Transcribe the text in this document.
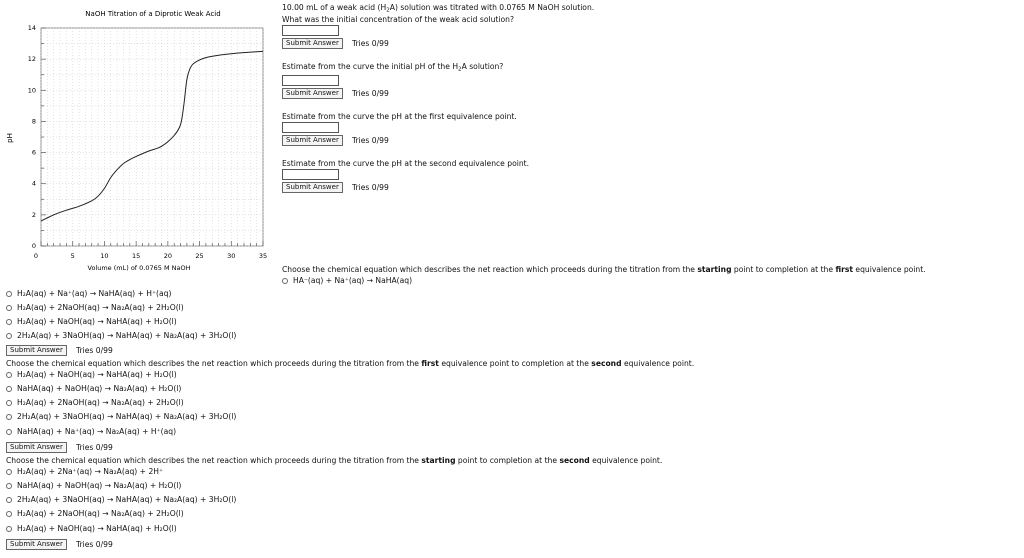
0	5	10	15	20	25	30	35
0
2
4
6
8
10
12
14
NaOH Titration of a Diprotic Weak Acid
Volume (mL) of 0.0765 M NaOH
pH
10.00 mL of a weak acid $(H_2A)$ solution was titrated with 0.0765 M NaOH solution.
What was the initial concentration of the weak acid solution?
Submit Answer	Tries 0/99
Estimate from the curve the initial pH of the $H_2A$ solution?
Submit Answer	Tries 0/99
Estimate from the curve the pH at the first equivalence point.
Submit Answer	Tries 0/99
Estimate from the curve the pH at the second equivalence point.
Submit Answer	Tries 0/99
Choose the chemical equation which describes the net reaction which proceeds during the titration from the starting point to completion at the first equivalence point.
HA⁻(aq) + Na⁺(aq) → NaHA(aq)
H₂A(aq) + Na⁺(aq) → NaHA(aq) + H⁺(aq)
H₂A(aq) + 2NaOH(aq) → Na₂A(aq) + 2H₂O(l)
H₂A(aq) + NaOH(aq) → NaHA(aq) + H₂O(l)
2H₂A(aq) + 3NaOH(aq) → NaHA(aq) + Na₂A(aq) + 3H₂O(l)
Submit Answer	Tries 0/99
Choose the chemical equation which describes the net reaction which proceeds during the titration from the first equivalence point to completion at the second equivalence point.
H₂A(aq) + NaOH(aq) → NaHA(aq) + H₂O(l)
NaHA(aq) + NaOH(aq) → Na₂A(aq) + H₂O(l)
H₂A(aq) + 2NaOH(aq) → Na₂A(aq) + 2H₂O(l)
2H₂A(aq) + 3NaOH(aq) → NaHA(aq) + Na₂A(aq) + 3H₂O(l)
NaHA(aq) + Na⁺(aq) → Na₂A(aq) + H⁺(aq)
Submit Answer	Tries 0/99
Choose the chemical equation which describes the net reaction which proceeds during the titration from the starting point to completion at the second equivalence point.
H₂A(aq) + 2Na⁺(aq) → Na₂A(aq) + 2H⁺
NaHA(aq) + NaOH(aq) → Na₂A(aq) + H₂O(l)
2H₂A(aq) + 3NaOH(aq) → NaHA(aq) + Na₂A(aq) + 3H₂O(l)
H₂A(aq) + 2NaOH(aq) → Na₂A(aq) + 2H₂O(l)
H₂A(aq) + NaOH(aq) → NaHA(aq) + H₂O(l)
Submit Answer	Tries 0/99
